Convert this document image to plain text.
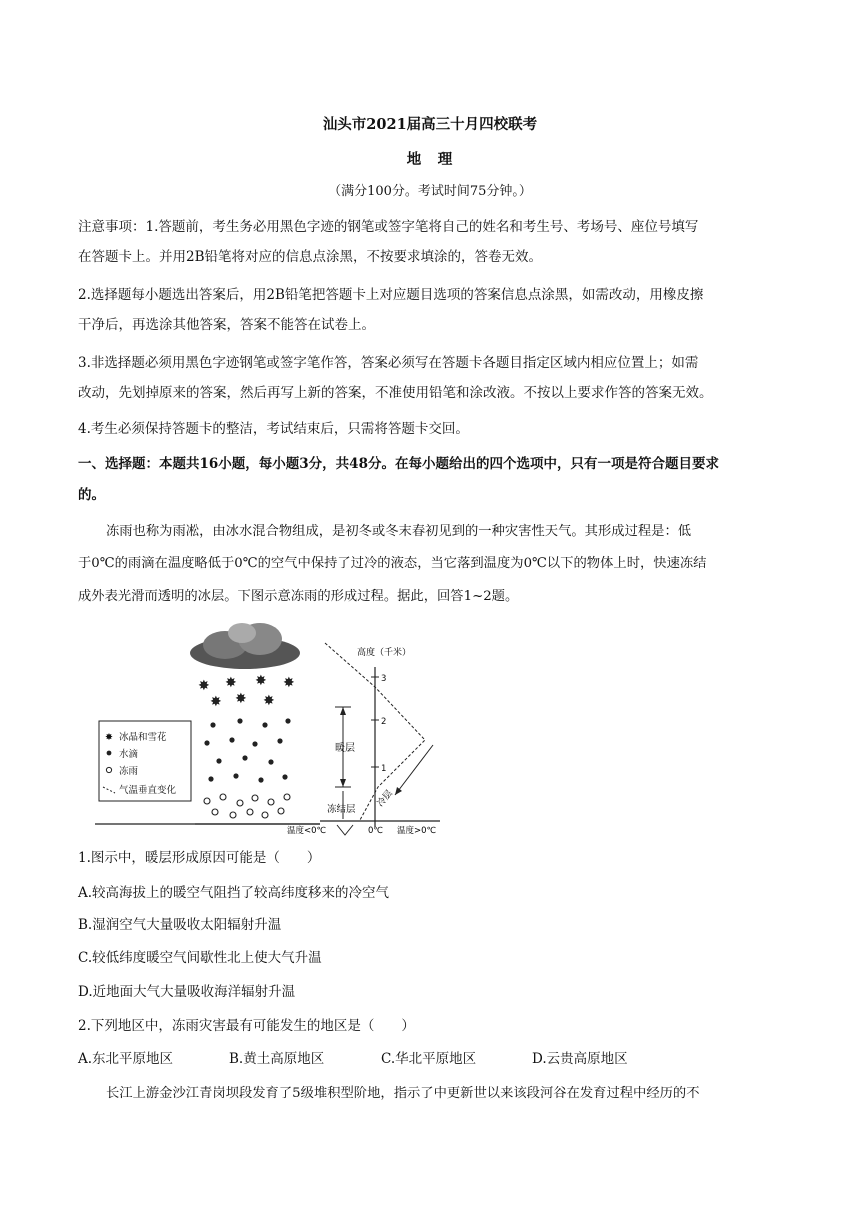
汕头市2021届高三十月四校联考
地　理
（满分100分。考试时间75分钟。）
注意事项：1.答题前，考生务必用黑色字迹的钢笔或签字笔将自己的姓名和考生号、考场号、座位号填写
在答题卡上。并用2B铅笔将对应的信息点涂黑，不按要求填涂的，答卷无效。
2.选择题每小题选出答案后，用2B铅笔把答题卡上对应题目选项的答案信息点涂黑，如需改动，用橡皮擦
干净后，再选涂其他答案，答案不能答在试卷上。
3.非选择题必须用黑色字迹钢笔或签字笔作答，答案必须写在答题卡各题目指定区域内相应位置上；如需
改动，先划掉原来的答案，然后再写上新的答案，不准使用铅笔和涂改液。不按以上要求作答的答案无效。
4.考生必须保持答题卡的整洁，考试结束后，只需将答题卡交回。
一、选择题：本题共16小题，每小题3分，共48分。在每小题给出的四个选项中，只有一项是符合题目要求
的。
冻雨也称为雨凇，由冰水混合物组成，是初冬或冬末春初见到的一种灾害性天气。其形成过程是：低
于0℃的雨滴在温度略低于0℃的空气中保持了过冷的液态，当它落到温度为0℃以下的物体上时，快速冻结
成外表光滑而透明的冰层。下图示意冻雨的形成过程。据此，回答1~2题。
✸ ✸ ✸ ✸
✸ ✸ ✸
✸ 冰晶和雪花
水滴
冻雨
气温垂直变化
高度（千米）
3
2
1
暖层
冻结层
冷层
温度<0℃	0℃ 温度>0℃
1.图示中，暖层形成原因可能是（　　）
A.较高海拔上的暖空气阻挡了较高纬度移来的冷空气
B.湿润空气大量吸收太阳辐射升温
C.较低纬度暖空气间歇性北上使大气升温
D.近地面大气大量吸收海洋辐射升温
2.下列地区中，冻雨灾害最有可能发生的地区是（　　）
A.东北平原地区	B.黄土高原地区	C.华北平原地区	D.云贵高原地区
长江上游金沙江青岗坝段发育了5级堆积型阶地，指示了中更新世以来该段河谷在发育过程中经历的不
